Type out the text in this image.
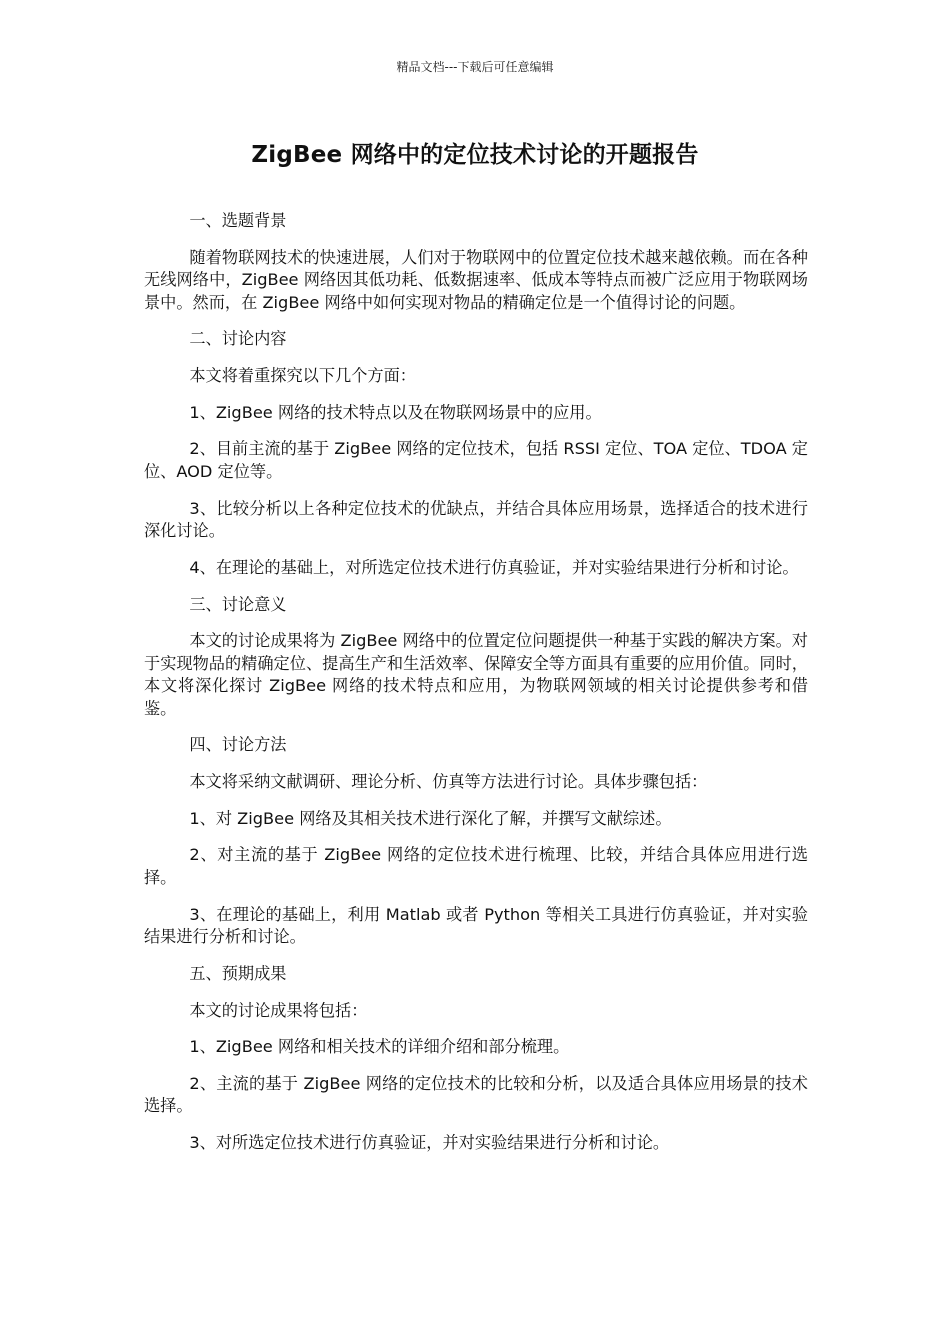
精品文档---下载后可任意编辑
ZigBee 网络中的定位技术讨论的开题报告

一、选题背景

随着物联网技术的快速进展，人们对于物联网中的位置定位技术越来越依赖。而在各种无线网络中，ZigBee 网络因其低功耗、低数据速率、低成本等特点而被广泛应用于物联网场景中。然而，在 ZigBee 网络中如何实现对物品的精确定位是一个值得讨论的问题。

二、讨论内容

本文将着重探究以下几个方面：

1、ZigBee 网络的技术特点以及在物联网场景中的应用。

2、目前主流的基于 ZigBee 网络的定位技术，包括 RSSI 定位、TOA 定位、TDOA 定位、AOD 定位等。

3、比较分析以上各种定位技术的优缺点，并结合具体应用场景，选择适合的技术进行深化讨论。

4、在理论的基础上，对所选定位技术进行仿真验证，并对实验结果进行分析和讨论。

三、讨论意义

本文的讨论成果将为 ZigBee 网络中的位置定位问题提供一种基于实践的解决方案。对于实现物品的精确定位、提高生产和生活效率、保障安全等方面具有重要的应用价值。同时，本文将深化探讨 ZigBee 网络的技术特点和应用，为物联网领域的相关讨论提供参考和借鉴。

四、讨论方法

本文将采纳文献调研、理论分析、仿真等方法进行讨论。具体步骤包括：

1、对 ZigBee 网络及其相关技术进行深化了解，并撰写文献综述。

2、对主流的基于 ZigBee 网络的定位技术进行梳理、比较，并结合具体应用进行选择。

3、在理论的基础上，利用 Matlab 或者 Python 等相关工具进行仿真验证，并对实验结果进行分析和讨论。

五、预期成果

本文的讨论成果将包括：

1、ZigBee 网络和相关技术的详细介绍和部分梳理。

2、主流的基于 ZigBee 网络的定位技术的比较和分析，以及适合具体应用场景的技术选择。

3、对所选定位技术进行仿真验证，并对实验结果进行分析和讨论。
